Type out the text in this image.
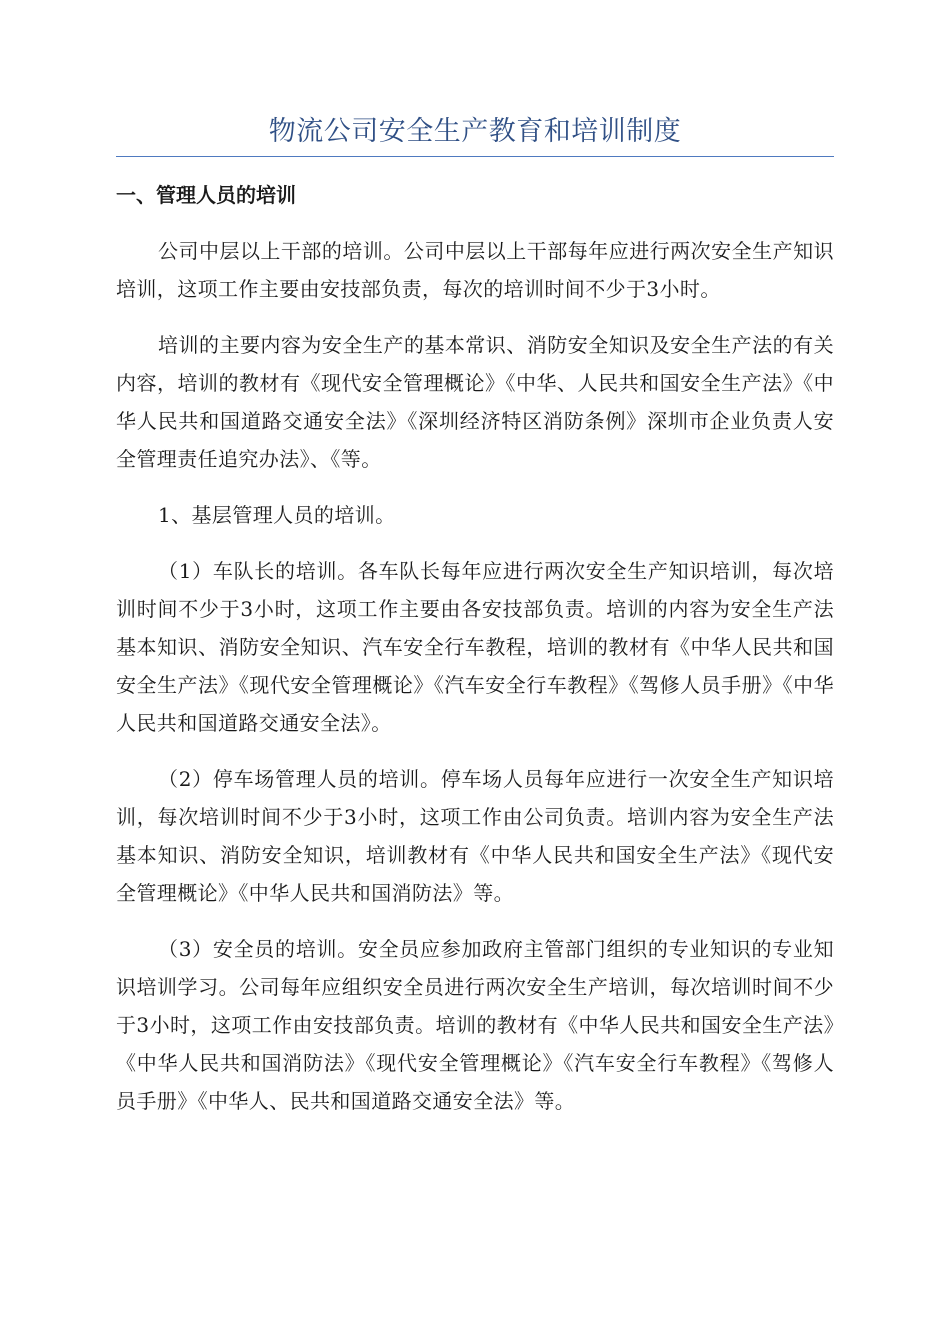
物流公司安全生产教育和培训制度
一、管理人员的培训

公司中层以上干部的培训。公司中层以上干部每年应进行两次安全生产知识培训，这项工作主要由安技部负责，每次的培训时间不少于3小时。

培训的主要内容为安全生产的基本常识、消防安全知识及安全生产法的有关内容，培训的教材有《现代安全管理概论》《中华、人民共和国安全生产法》《中华人民共和国道路交通安全法》《深圳经济特区消防条例》深圳市企业负责人安全管理责任追究办法》、《等。

1、基层管理人员的培训。

（1）车队长的培训。各车队长每年应进行两次安全生产知识培训，每次培训时间不少于3小时，这项工作主要由各安技部负责。培训的内容为安全生产法基本知识、消防安全知识、汽车安全行车教程，培训的教材有《中华人民共和国安全生产法》《现代安全管理概论》《汽车安全行车教程》《驾修人员手册》《中华人民共和国道路交通安全法》。

（2）停车场管理人员的培训。停车场人员每年应进行一次安全生产知识培训，每次培训时间不少于3小时，这项工作由公司负责。培训内容为安全生产法基本知识、消防安全知识，培训教材有《中华人民共和国安全生产法》《现代安全管理概论》《中华人民共和国消防法》等。

（3）安全员的培训。安全员应参加政府主管部门组织的专业知识的专业知识培训学习。公司每年应组织安全员进行两次安全生产培训，每次培训时间不少于3小时，这项工作由安技部负责。培训的教材有《中华人民共和国安全生产法》《中华人民共和国消防法》《现代安全管理概论》《汽车安全行车教程》《驾修人员手册》《中华人、民共和国道路交通安全法》等。
